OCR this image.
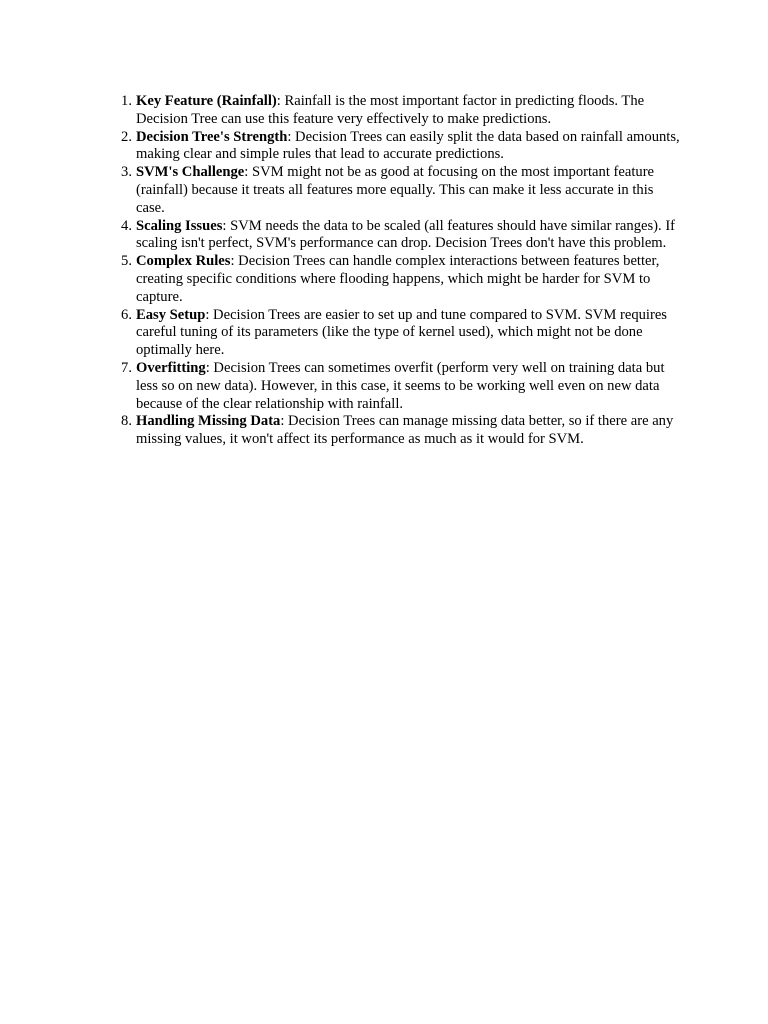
1. Key Feature (Rainfall): Rainfall is the most important factor in predicting floods. The Decision Tree can use this feature very effectively to make predictions.
2. Decision Tree's Strength: Decision Trees can easily split the data based on rainfall amounts, making clear and simple rules that lead to accurate predictions.
3. SVM's Challenge: SVM might not be as good at focusing on the most important feature (rainfall) because it treats all features more equally. This can make it less accurate in this case.
4. Scaling Issues: SVM needs the data to be scaled (all features should have similar ranges). If scaling isn't perfect, SVM's performance can drop. Decision Trees don't have this problem.
5. Complex Rules: Decision Trees can handle complex interactions between features better, creating specific conditions where flooding happens, which might be harder for SVM to capture.
6. Easy Setup: Decision Trees are easier to set up and tune compared to SVM. SVM requires careful tuning of its parameters (like the type of kernel used), which might not be done optimally here.
7. Overfitting: Decision Trees can sometimes overfit (perform very well on training data but less so on new data). However, in this case, it seems to be working well even on new data because of the clear relationship with rainfall.
8. Handling Missing Data: Decision Trees can manage missing data better, so if there are any missing values, it won't affect its performance as much as it would for SVM.
